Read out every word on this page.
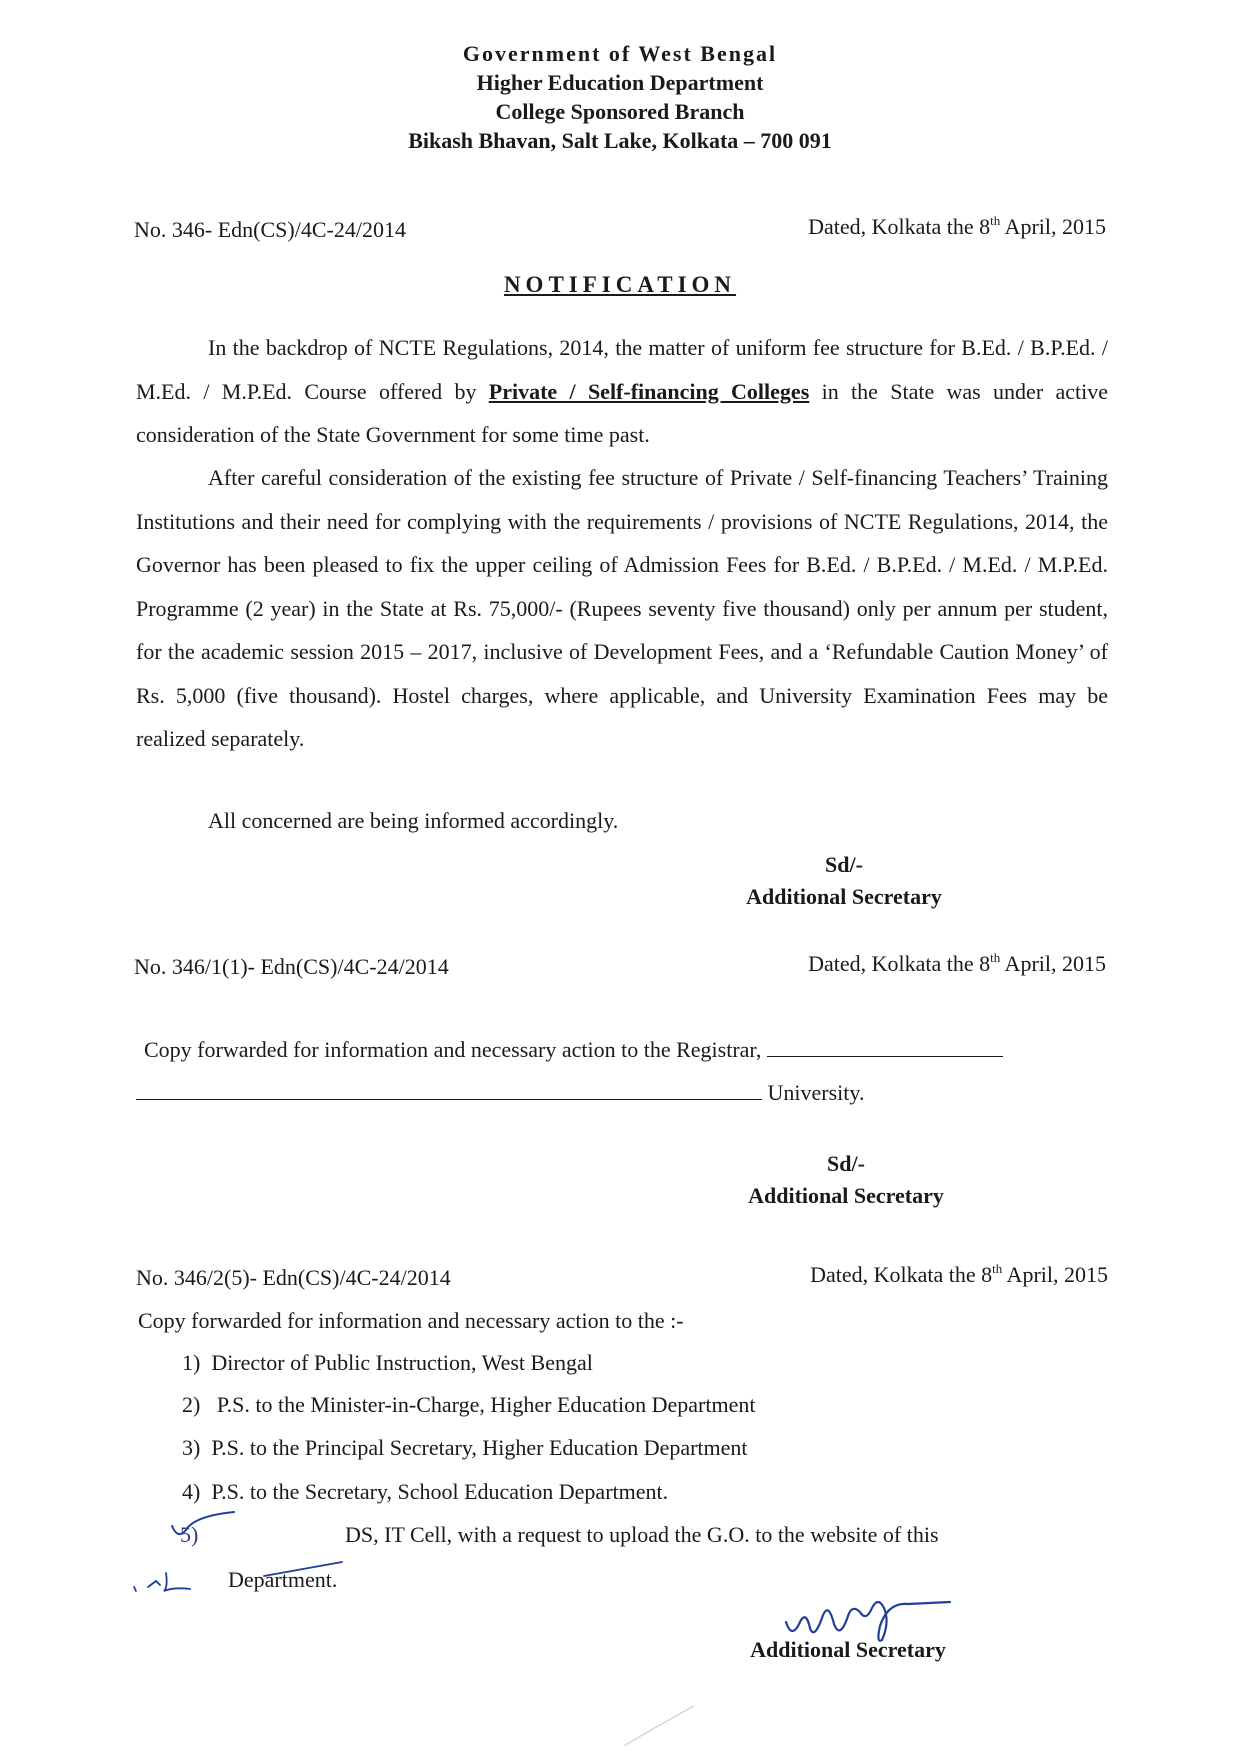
Government of West Bengal
Higher Education Department
College Sponsored Branch
Bikash Bhavan, Salt Lake, Kolkata – 700 091
No. 346- Edn(CS)/4C-24/2014	Dated, Kolkata the 8th April, 2015
NOTIFICATION
In the backdrop of NCTE Regulations, 2014, the matter of uniform fee structure for B.Ed. / B.P.Ed. / M.Ed. / M.P.Ed. Course offered by Private / Self-financing Colleges in the State was under active consideration of the State Government for some time past.
After careful consideration of the existing fee structure of Private / Self-financing Teachers’ Training Institutions and their need for complying with the requirements / provisions of NCTE Regulations, 2014, the Governor has been pleased to fix the upper ceiling of Admission Fees for B.Ed. / B.P.Ed. / M.Ed. / M.P.Ed. Programme (2 year) in the State at Rs. 75,000/- (Rupees seventy five thousand) only per annum per student, for the academic session 2015 – 2017, inclusive of Development Fees, and a ‘Refundable Caution Money’ of Rs. 5,000 (five thousand). Hostel charges, where applicable, and University Examination Fees may be realized separately.
All concerned are being informed accordingly.
Sd/-
Additional Secretary
No. 346/1(1)- Edn(CS)/4C-24/2014	Dated, Kolkata the 8th April, 2015
Copy forwarded for information and necessary action to the Registrar,
University.
Sd/-
Additional Secretary
No. 346/2(5)- Edn(CS)/4C-24/2014	Dated, Kolkata the 8th April, 2015
Copy forwarded for information and necessary action to the :-
1) Director of Public Instruction, West Bengal
2) P.S. to the Minister-in-Charge, Higher Education Department
3) P.S. to the Principal Secretary, Higher Education Department
4) P.S. to the Secretary, School Education Department.
5)	DS, IT Cell, with a request to upload the G.O. to the website of this
Department.
Additional Secretary
